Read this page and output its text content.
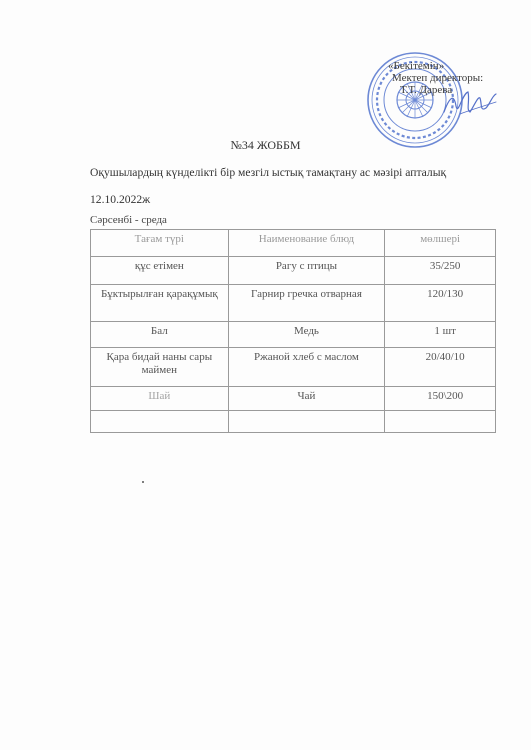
«Бекітемін»
Мектеп директоры:
Т.Т. Дарева
№34 ЖОББМ
Оқушылардың күнделікті бір мезгіл ыстық тамақтану ас мәзірі апталық
12.10.2022ж
Сәрсенбі - среда
Тағам түрі	Наименование блюд	мөлшері
құс етімен	Рагу с птицы	35/250
Бұктырылған қарақұмық	Гарнир гречка отварная	120/130
Бал	Медь	1 шт
Қара бидай наны сары маймен	Ржаной хлеб с маслом	20/40/10
Шай	Чай	150\200
